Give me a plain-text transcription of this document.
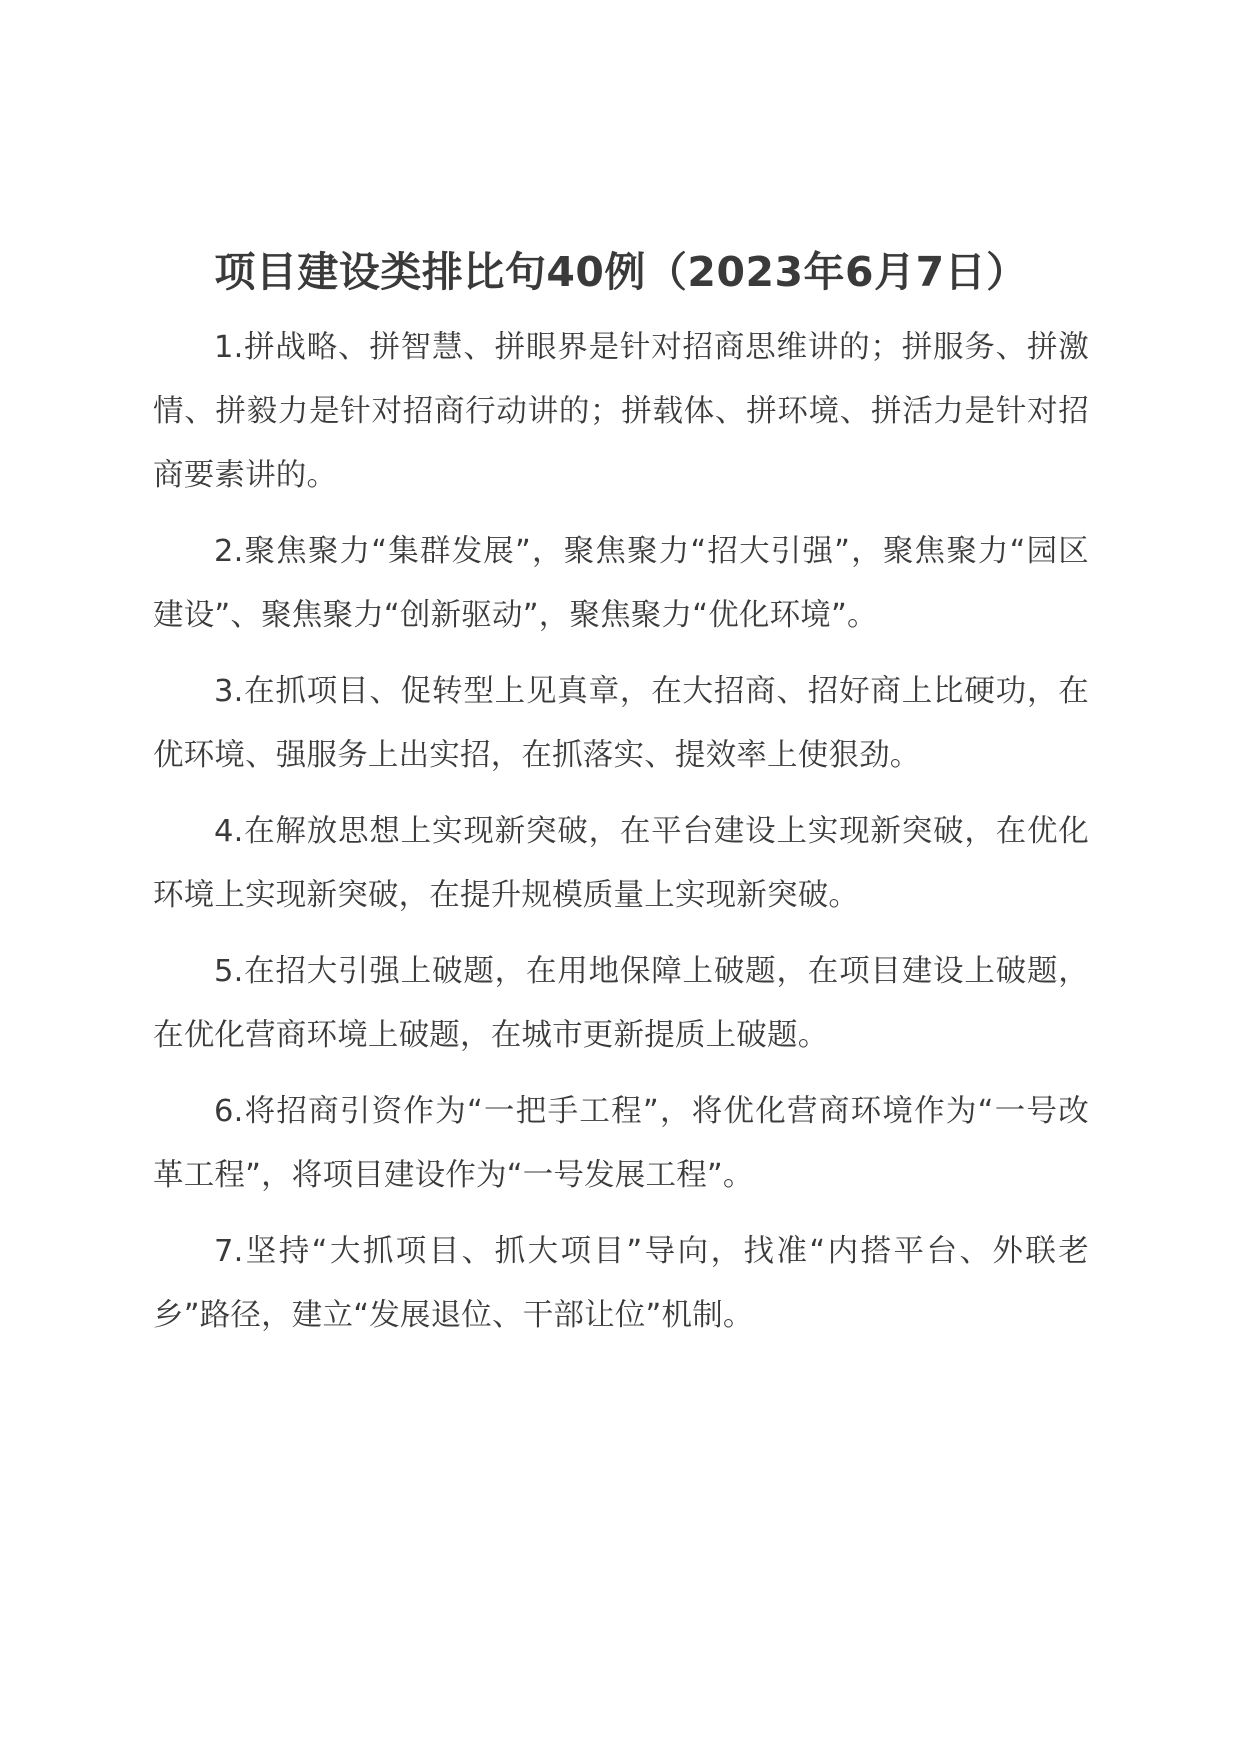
项目建设类排比句40例（2023年6月7日）

1.拼战略、拼智慧、拼眼界是针对招商思维讲的；拼服务、拼激情、拼毅力是针对招商行动讲的；拼载体、拼环境、拼活力是针对招商要素讲的。

2.聚焦聚力“集群发展”，聚焦聚力“招大引强”，聚焦聚力“园区建设”、聚焦聚力“创新驱动”，聚焦聚力“优化环境”。

3.在抓项目、促转型上见真章，在大招商、招好商上比硬功，在优环境、强服务上出实招，在抓落实、提效率上使狠劲。

4.在解放思想上实现新突破，在平台建设上实现新突破，在优化环境上实现新突破，在提升规模质量上实现新突破。

5.在招大引强上破题，在用地保障上破题，在项目建设上破题，在优化营商环境上破题，在城市更新提质上破题。

6.将招商引资作为“一把手工程”，将优化营商环境作为“一号改革工程”，将项目建设作为“一号发展工程”。

7.坚持“大抓项目、抓大项目”导向，找准“内搭平台、外联老乡”路径，建立“发展退位、干部让位”机制。
